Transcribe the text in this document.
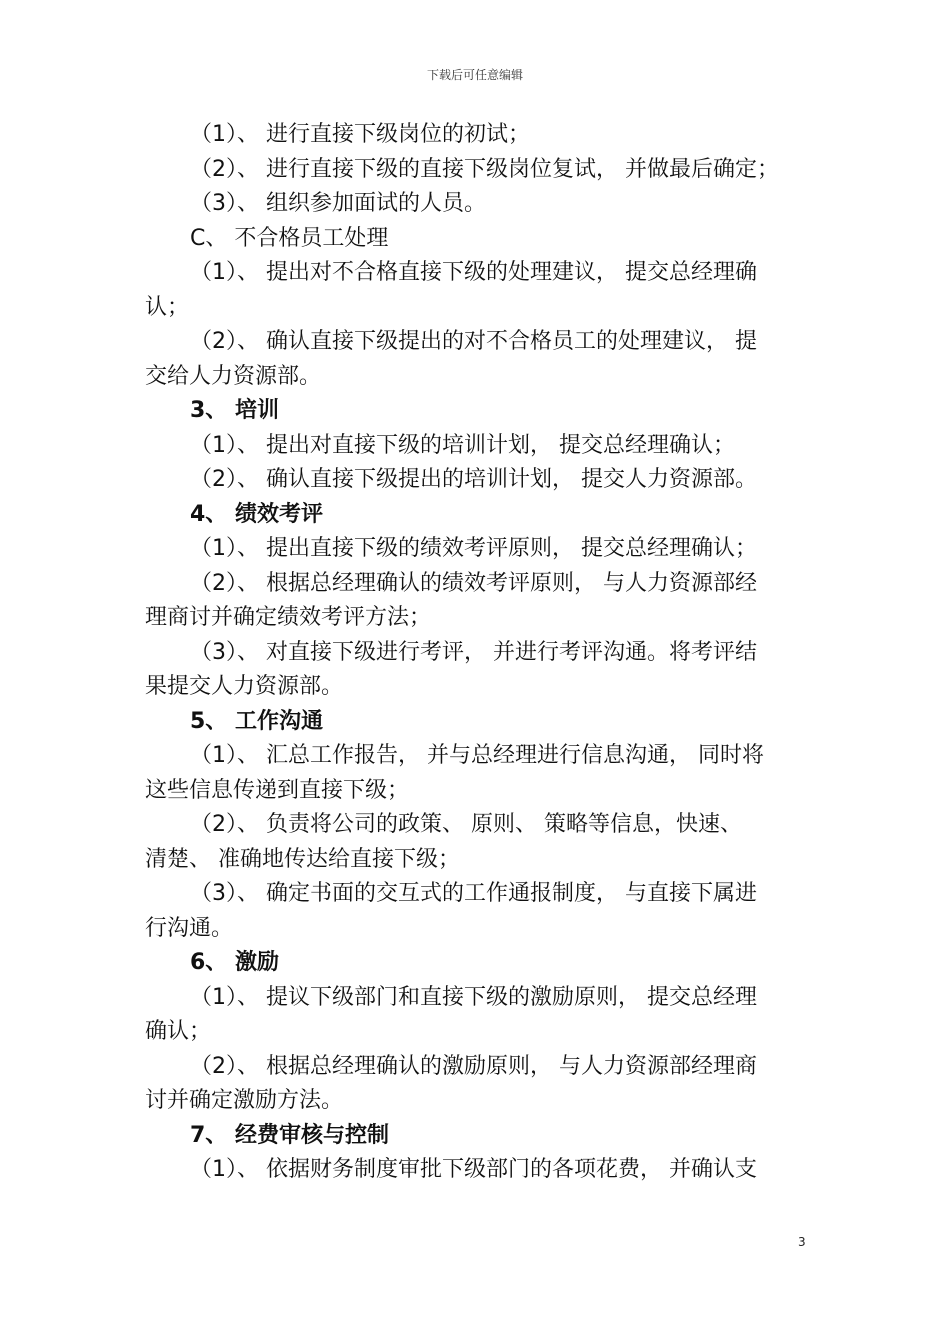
下载后可任意编辑
（1）、 进行直接下级岗位的初试；
（2）、 进行直接下级的直接下级岗位复试， 并做最后确定；
（3）、 组织参加面试的人员。
C、 不合格员工处理
（1）、 提出对不合格直接下级的处理建议， 提交总经理确
认；
（2）、 确认直接下级提出的对不合格员工的处理建议， 提
交给人力资源部。
3、 培训
（1）、 提出对直接下级的培训计划， 提交总经理确认；
（2）、 确认直接下级提出的培训计划， 提交人力资源部。
4、 绩效考评
（1）、 提出直接下级的绩效考评原则， 提交总经理确认；
（2）、 根据总经理确认的绩效考评原则， 与人力资源部经
理商讨并确定绩效考评方法；
（3）、 对直接下级进行考评， 并进行考评沟通。将考评结
果提交人力资源部。
5、 工作沟通
（1）、 汇总工作报告， 并与总经理进行信息沟通， 同时将
这些信息传递到直接下级；
（2）、 负责将公司的政策、 原则、 策略等信息，快速、
清楚、 准确地传达给直接下级；
（3）、 确定书面的交互式的工作通报制度， 与直接下属进
行沟通。
6、 激励
（1）、 提议下级部门和直接下级的激励原则， 提交总经理
确认；
（2）、 根据总经理确认的激励原则， 与人力资源部经理商
讨并确定激励方法。
7、 经费审核与控制
（1）、 依据财务制度审批下级部门的各项花费， 并确认支
3
